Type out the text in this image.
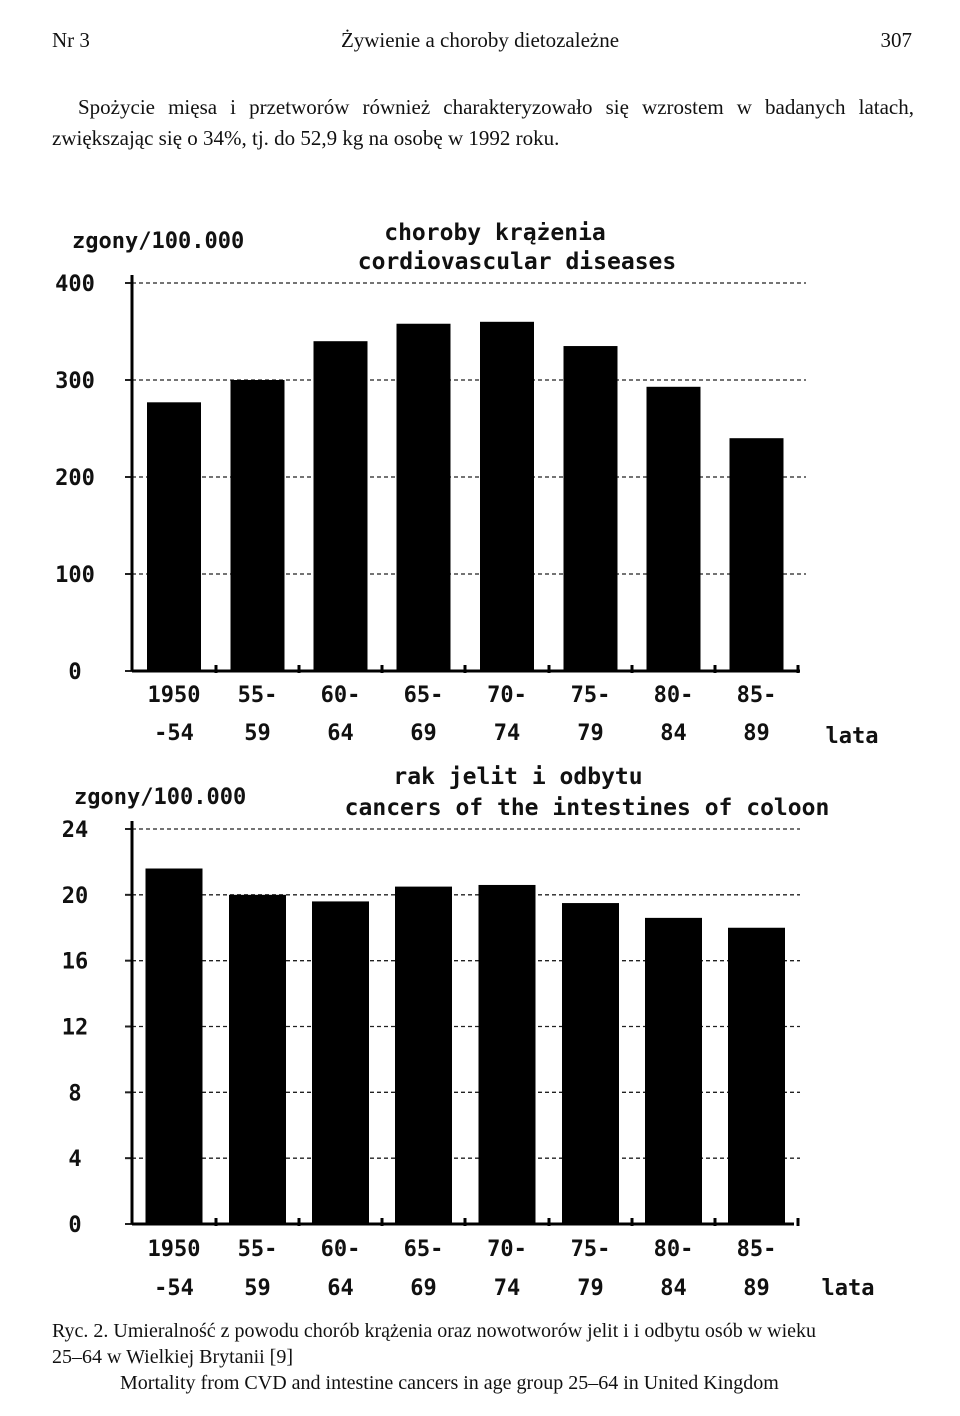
Nr 3	Żywienie a choroby dietozależne	307
Spożycie mięsa i przetworów również charakteryzowało się wzrostem w badanych latach, zwiększając się o 34%, tj. do 52,9 kg na osobę w 1992 roku.
zgony/100.000	choroby krążenia
cordiovascular diseases
0
100
200
300
400
1950
-54
55-
59
60-
64
65-
69
70-
74
75-
79
80-
84
85-
89	lata
zgony/100.000
rak jelit i odbytu
cancers of the intestines of coloon
0
4
8
12
16
20
24
1950
-54
55-
59
60-
64
65-
69
70-
74
75-
79
80-
84
85-
89 lata
Ryc. 2. Umieralność z powodu chorób krążenia oraz nowotworów jelit i i odbytu osób w wieku
25–64 w Wielkiej Brytanii [9]
Mortality from CVD and intestine cancers in age group 25–64 in United Kingdom
